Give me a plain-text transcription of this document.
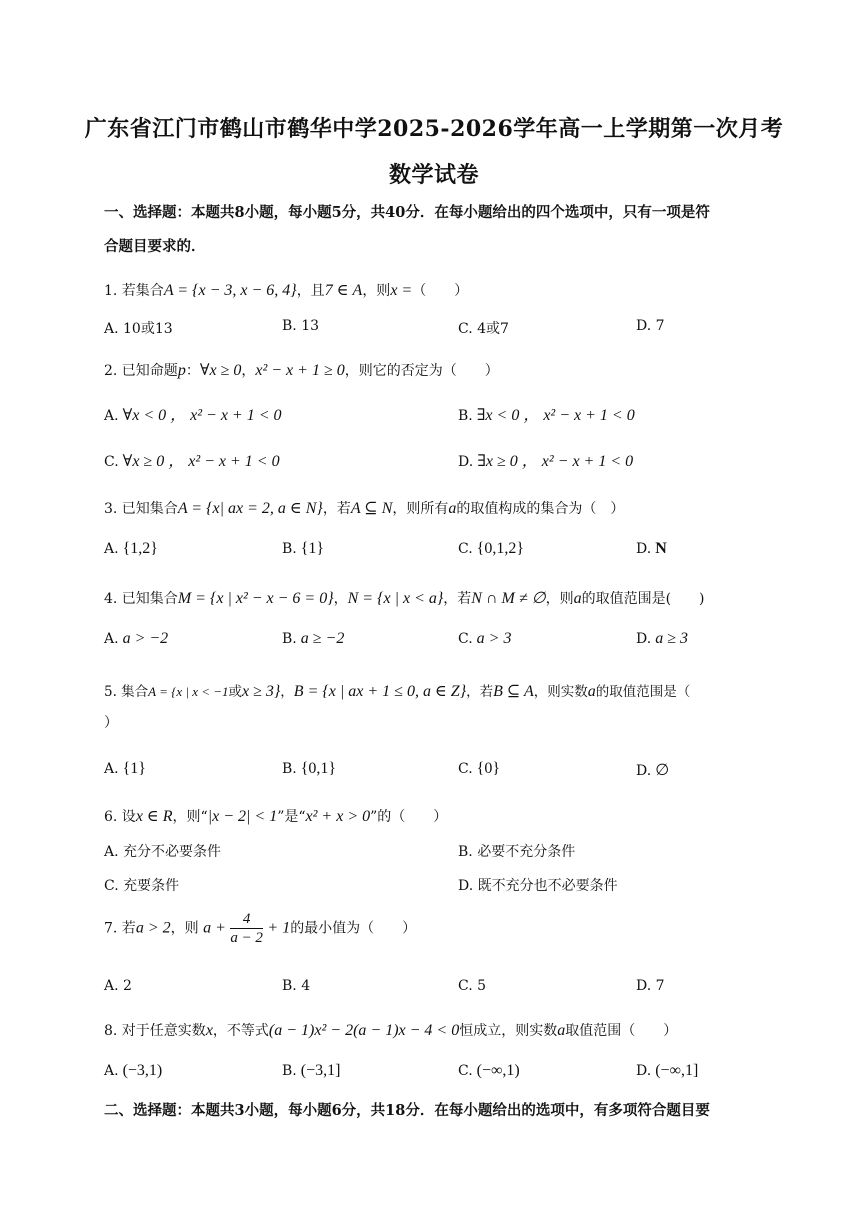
广东省江门市鹤山市鹤华中学2025-2026学年高一上学期第一次月考
数学试卷
一、选择题：本题共8小题，每小题5分，共40分．在每小题给出的四个选项中，只有一项是符
合题目要求的．
1. 若集合A = {x − 3, x − 6, 4}，且7 ∈ A，则x =（　　）
A. 10或13	B. 13	C. 4或7	D. 7
2. 已知命题p：∀x ≥ 0，x² − x + 1 ≥ 0，则它的否定为（　　）
A. ∀x < 0 ， x² − x + 1 < 0	B. ∃x < 0 ， x² − x + 1 < 0
C. ∀x ≥ 0 ， x² − x + 1 < 0	D. ∃x ≥ 0 ， x² − x + 1 < 0
3. 已知集合A = {x| ax = 2, a ∈ N}，若A ⊆ N，则所有a的取值构成的集合为（　）
A. {1,2}	B. {1}	C. {0,1,2}	D. N
4. 已知集合M = {x | x² − x − 6 = 0}，N = {x | x < a}，若N ∩ M ≠ ∅，则a的取值范围是(　　)
A. a > −2	B. a ≥ −2	C. a > 3	D. a ≥ 3
5. 集合A = {x | x < −1或x ≥ 3}，B = {x | ax + 1 ≤ 0, a ∈ Z}，若B ⊆ A，则实数a的取值范围是（
）
A. {1}	B. {0,1}	C. {0}	D. ∅
6. 设x ∈ R，则“|x − 2| < 1”是“x² + x > 0”的（　　）
A. 充分不必要条件	B. 必要不充分条件
C. 充要条件	D. 既不充分也不必要条件
7. 若a > 2，则 $a + \frac{4}{a - 2} + 1$的最小值为（　　）
A. 2	B. 4	C. 5	D. 7
8. 对于任意实数x，不等式(a − 1)x² − 2(a − 1)x − 4 < 0恒成立，则实数a取值范围（　　）
A. (−3,1)	B. (−3,1]	C. (−∞,1)	D. (−∞,1]
二、选择题：本题共3小题，每小题6分，共18分．在每小题给出的选项中，有多项符合题目要
